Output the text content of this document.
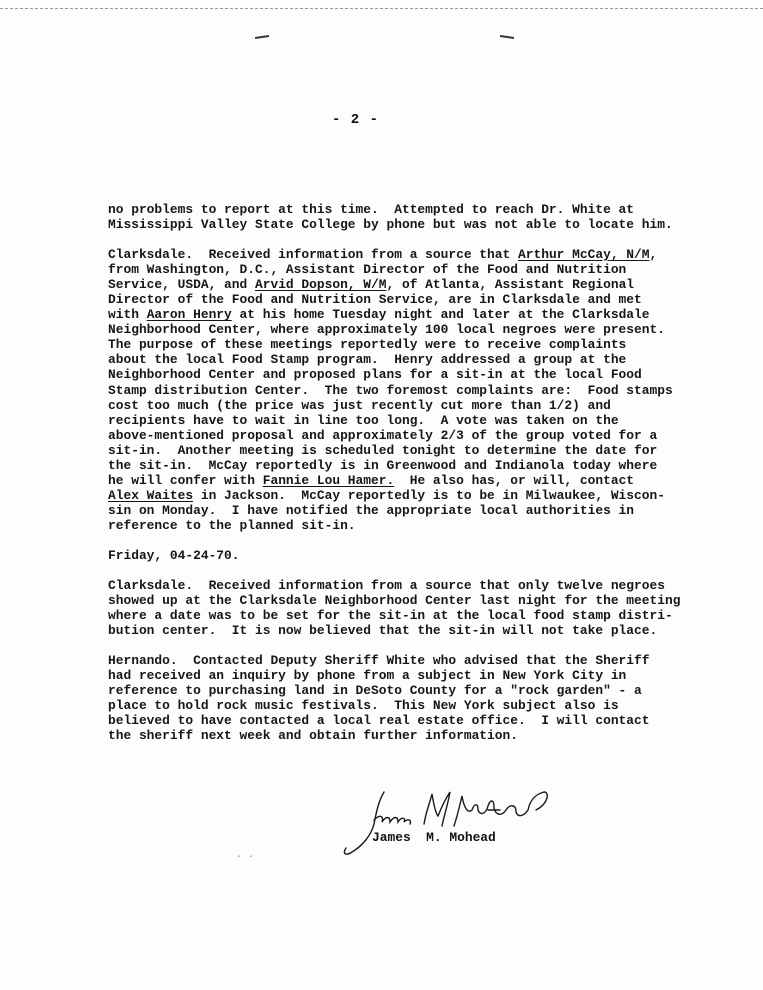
- 2 -
no problems to report at this time.  Attempted to reach Dr. White at
Mississippi Valley State College by phone but was not able to locate him.
Clarksdale.  Received information from a source that Arthur McCay, N/M,
from Washington, D.C., Assistant Director of the Food and Nutrition
Service, USDA, and Arvid Dopson, W/M, of Atlanta, Assistant Regional
Director of the Food and Nutrition Service, are in Clarksdale and met
with Aaron Henry at his home Tuesday night and later at the Clarksdale
Neighborhood Center, where approximately 100 local negroes were present.
The purpose of these meetings reportedly were to receive complaints
about the local Food Stamp program.  Henry addressed a group at the
Neighborhood Center and proposed plans for a sit-in at the local Food
Stamp distribution Center.  The two foremost complaints are:  Food stamps
cost too much (the price was just recently cut more than 1/2) and
recipients have to wait in line too long.  A vote was taken on the
above-mentioned proposal and approximately 2/3 of the group voted for a
sit-in.  Another meeting is scheduled tonight to determine the date for
the sit-in.  McCay reportedly is in Greenwood and Indianola today where
he will confer with Fannie Lou Hamer.  He also has, or will, contact
Alex Waites in Jackson.  McCay reportedly is to be in Milwaukee, Wiscon-
sin on Monday.  I have notified the appropriate local authorities in
reference to the planned sit-in.
Friday, 04-24-70.
Clarksdale.  Received information from a source that only twelve negroes
showed up at the Clarksdale Neighborhood Center last night for the meeting
where a date was to be set for the sit-in at the local food stamp distri-
bution center.  It is now believed that the sit-in will not take place.
Hernando.  Contacted Deputy Sheriff White who advised that the Sheriff
had received an inquiry by phone from a subject in New York City in
reference to purchasing land in DeSoto County for a "rock garden" - a
place to hold rock music festivals.  This New York subject also is
believed to have contacted a local real estate office.  I will contact
the sheriff next week and obtain further information.
James  M. Mohead
· ·
